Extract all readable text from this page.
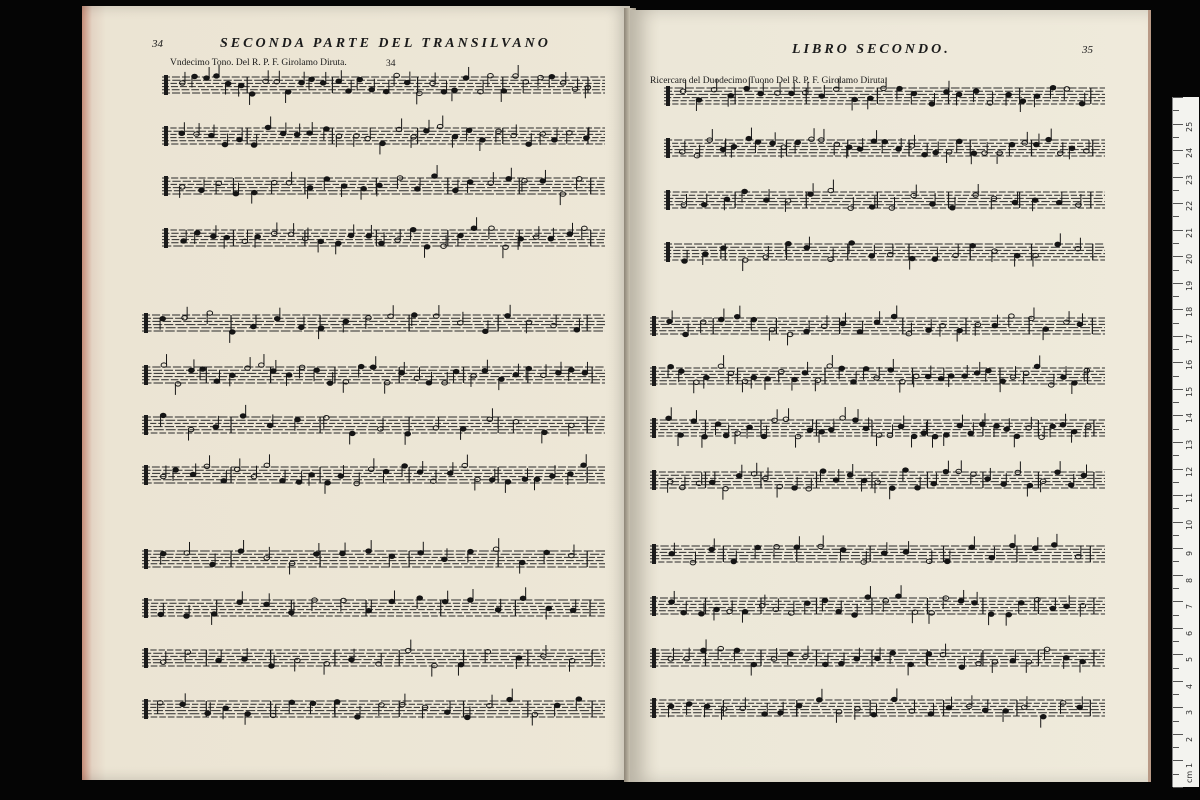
34	SECONDA PARTE DEL TRANSILVANO
Vndecimo Tono. Del R. P. F. Girolamo Diruta.	34
LIBRO SECONDO.	35
Ricercare del Duodecimo Tuono Del R. P. F. Girolamo Diruta.
25
24
23
22
21
20
19
18
17
16
15
14
13
12
11
10
9
8
7
6
5
4
3
2
1
cm
